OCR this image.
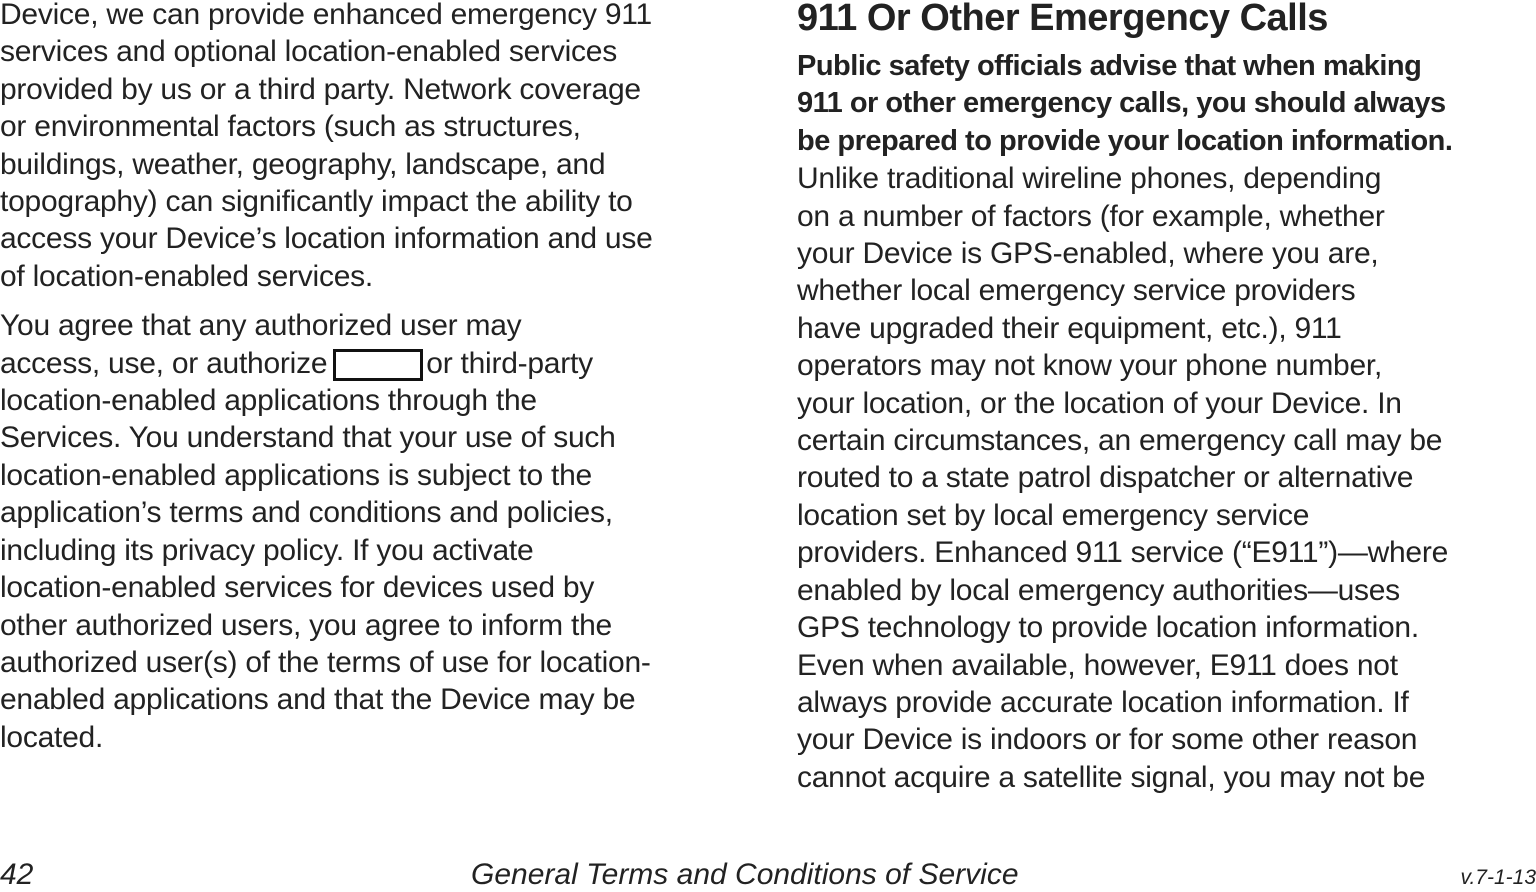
Device, we can provide enhanced emergency 911
services and optional location-enabled services
provided by us or a third party. Network coverage
or environmental factors (such as structures,
buildings, weather, geography, landscape, and
topography) can significantly impact the ability to
access your Device’s location information and use
of location-enabled services.
You agree that any authorized user may
access, use, or authorize	or third-party
location-enabled applications through the
Services. You understand that your use of such
location-enabled applications is subject to the
application’s terms and conditions and policies,
including its privacy policy. If you activate
location-enabled services for devices used by
other authorized users, you agree to inform the
authorized user(s) of the terms of use for location-
enabled applications and that the Device may be
located.
911 Or Other Emergency Calls
Public safety officials advise that when making
911 or other emergency calls, you should always
be prepared to provide your location information.
Unlike traditional wireline phones, depending
on a number of factors (for example, whether
your Device is GPS-enabled, where you are,
whether local emergency service providers
have upgraded their equipment, etc.), 911
operators may not know your phone number,
your location, or the location of your Device. In
certain circumstances, an emergency call may be
routed to a state patrol dispatcher or alternative
location set by local emergency service
providers. Enhanced 911 service (“E911”)—where
enabled by local emergency authorities—uses
GPS technology to provide location information.
Even when available, however, E911 does not
always provide accurate location information. If
your Device is indoors or for some other reason
cannot acquire a satellite signal, you may not be
42	General Terms and Conditions of Service	v.7-1-13
